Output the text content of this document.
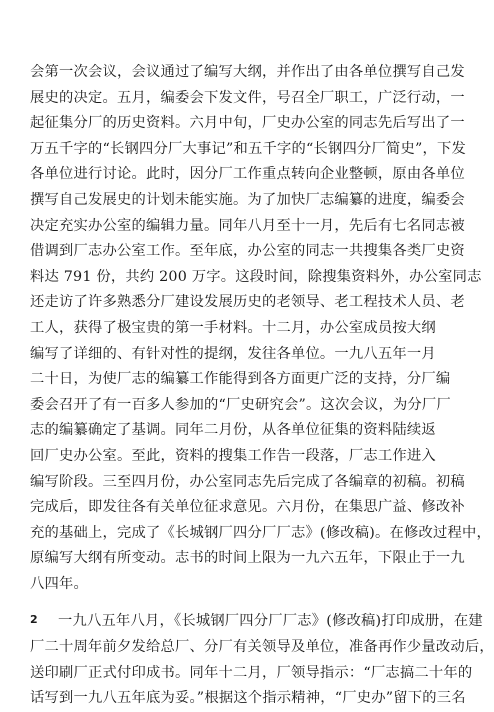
会第一次会议，会议通过了编写大纲，并作出了由各单位撰写自己发
展史的决定。五月，编委会下发文件，号召全厂职工，广泛行动，一
起征集分厂的历史资料。六月中旬，厂史办公室的同志先后写出了一
万五千字的“长钢四分厂大事记”和五千字的“长钢四分厂简史”，下发
各单位进行讨论。此时，因分厂工作重点转向企业整顿，原由各单位
撰写自己发展史的计划未能实施。为了加快厂志编纂的进度，编委会
决定充实办公室的编辑力量。同年八月至十一月，先后有七名同志被
借调到厂志办公室工作。至年底，办公室的同志一共搜集各类厂史资
料达 791 份，共约 200 万字。这段时间，除搜集资料外，办公室同志
还走访了许多熟悉分厂建设发展历史的老领导、老工程技术人员、老
工人，获得了极宝贵的第一手材料。十二月，办公室成员按大纲
编写了详细的、有针对性的提纲，发往各单位。一九八五年一月
二十日，为使厂志的编纂工作能得到各方面更广泛的支持，分厂编
委会召开了有一百多人参加的“厂史研究会”。这次会议，为分厂厂
志的编纂确定了基调。同年二月份，从各单位征集的资料陆续返
回厂史办公室。至此，资料的搜集工作告一段落，厂志工作进入
编写阶段。三至四月份，办公室同志先后完成了各编章的初稿。初稿
完成后，即发往各有关单位征求意见。六月份，在集思广益、修改补
充的基础上，完成了《长城钢厂四分厂厂志》(修改稿)。在修改过程中，
原编写大纲有所变动。志书的时间上限为一九六五年，下限止于一九
八四年。
一九八五年八月，《长城钢厂四分厂厂志》(修改稿)打印成册，在建
厂二十周年前夕发给总厂、分厂有关领导及单位，准备再作少量改动后，
送印刷厂正式付印成书。同年十二月，厂领导指示：“厂志搞二十年的
话写到一九八五年底为妥。”根据这个指示精神，“厂史办”留下的三名
2
